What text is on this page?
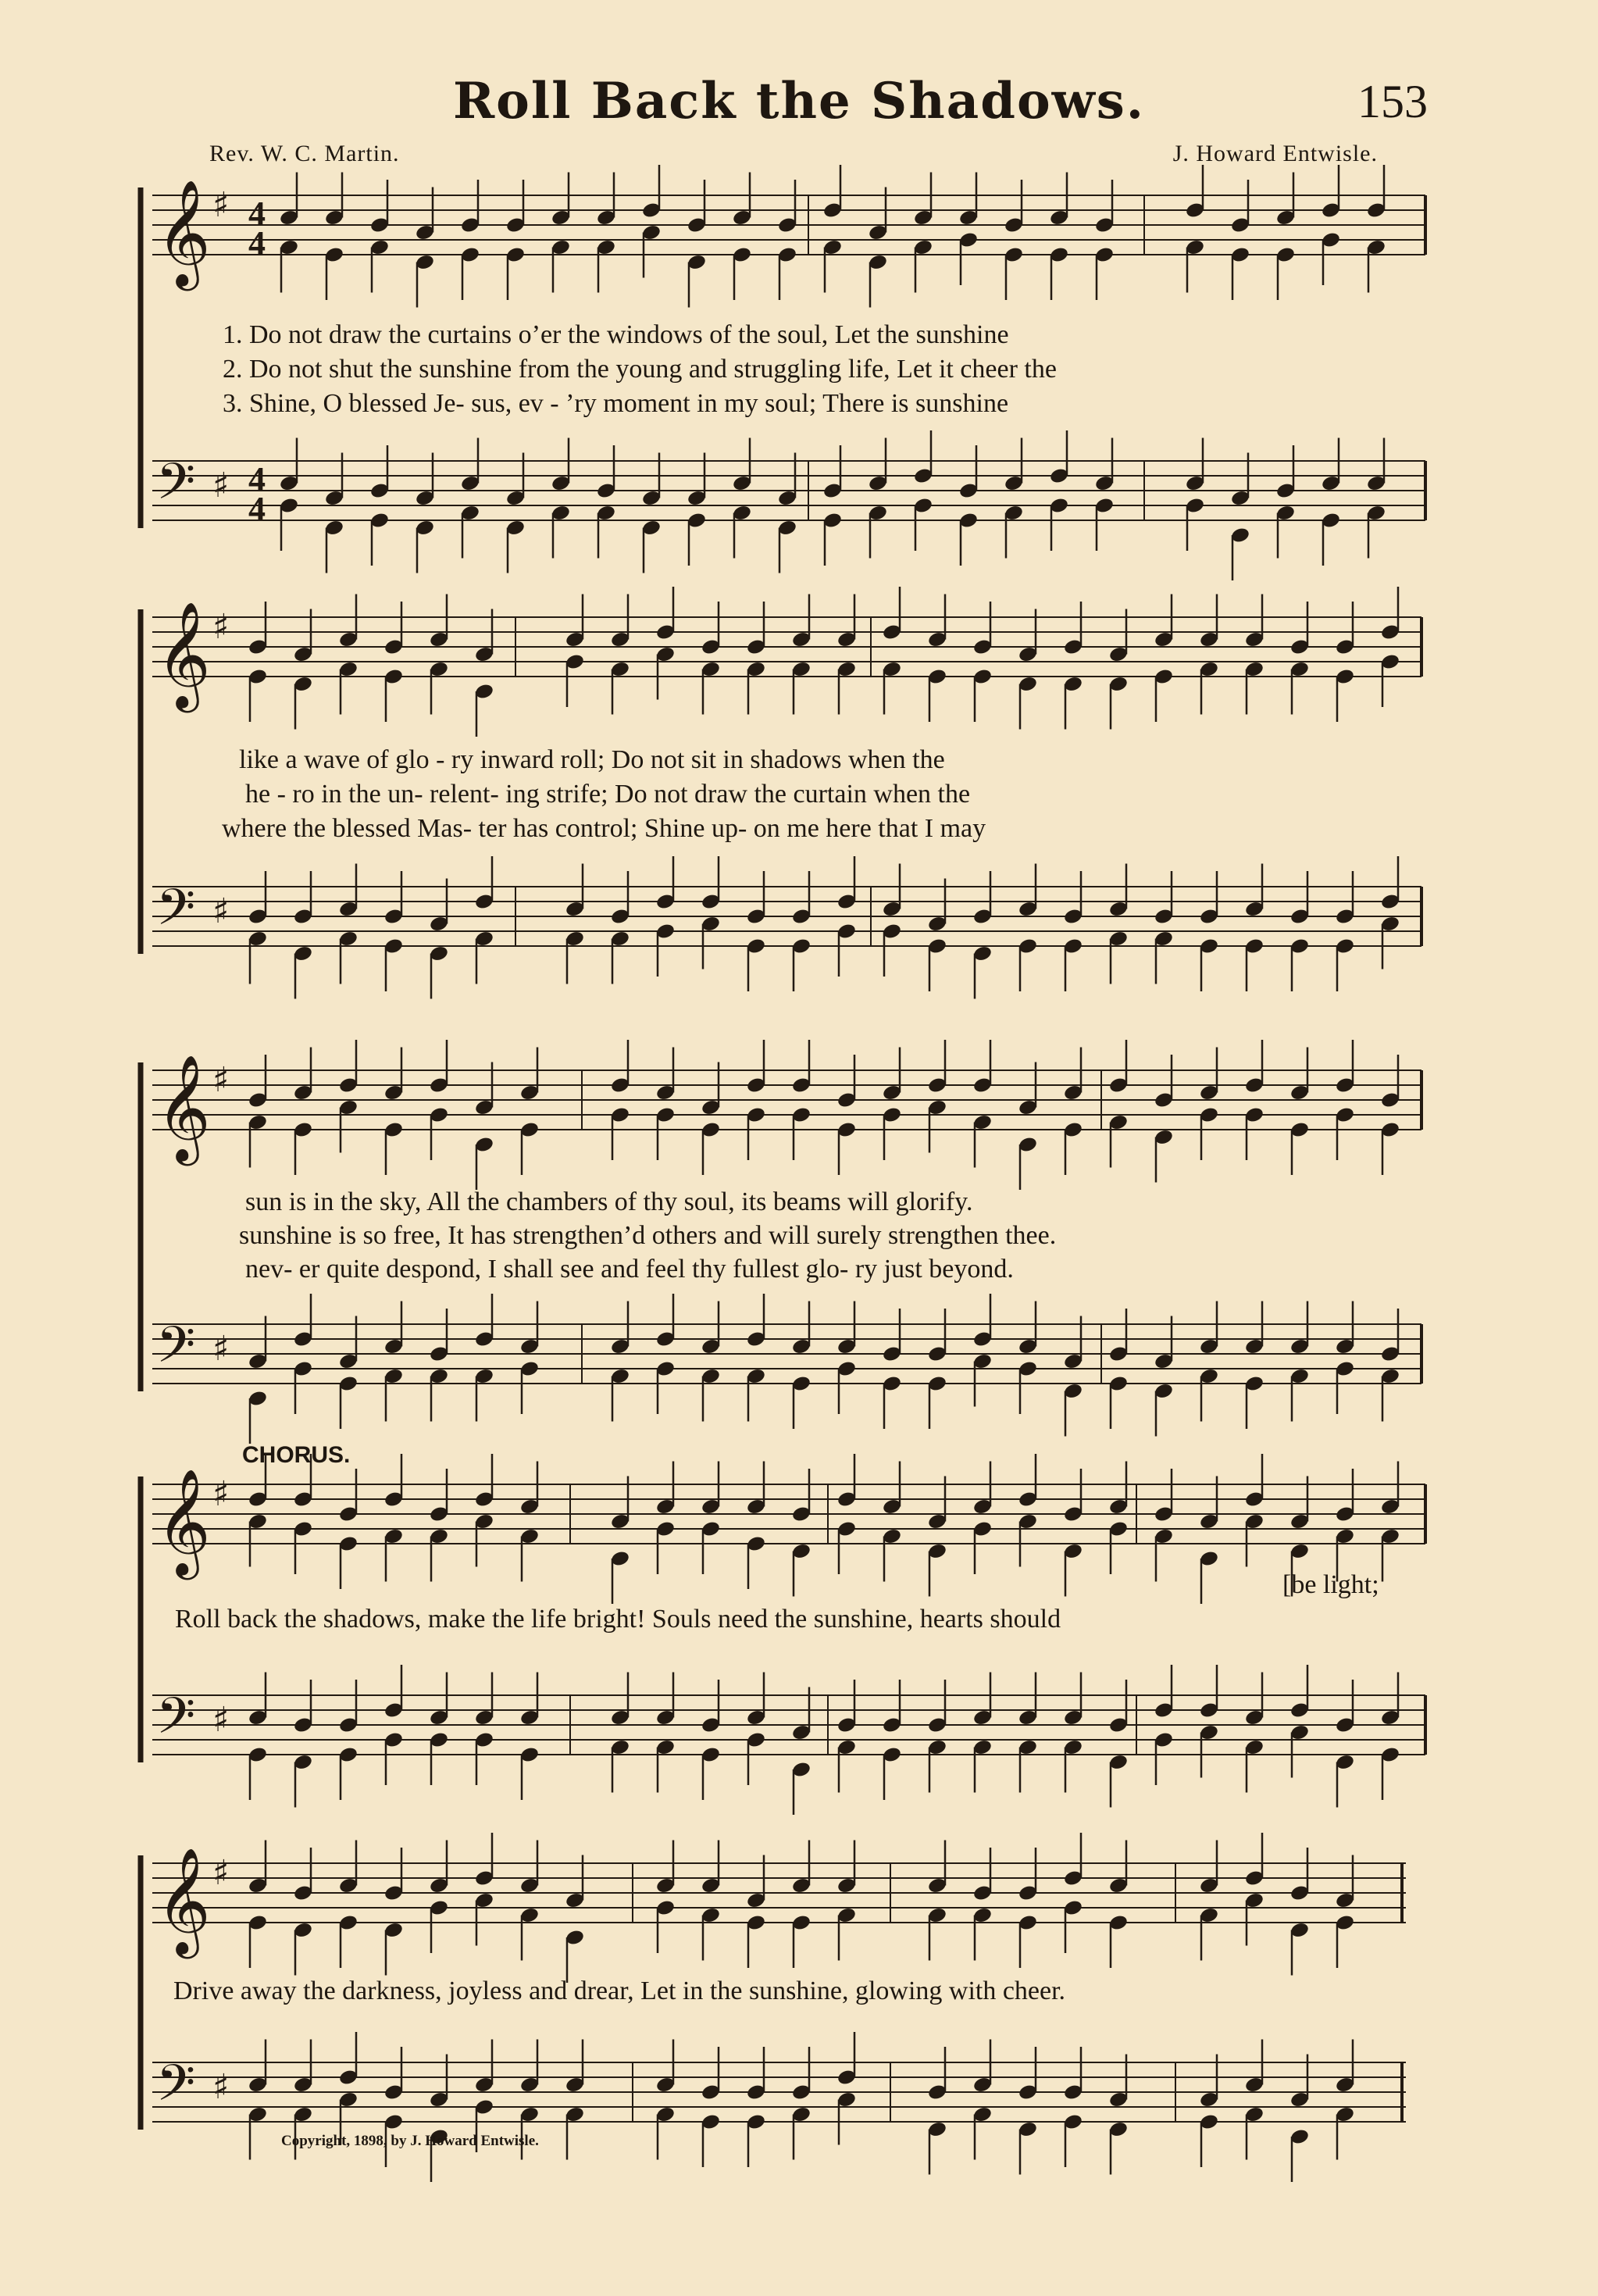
𝄞 ♯ 4
4
𝄢 ♯ 4
4
𝄞 ♯
𝄢 ♯
𝄞 ♯
𝄢 ♯
𝄞 ♯
𝄢 ♯
𝄞 ♯
𝄢 ♯
Roll Back the Shadows.	153
Rev. W. C. Martin.	J. Howard Entwisle.

1. Do not draw the curtains o’er the windows of the soul, Let the sunshine

2. Do not shut the sunshine from the young and struggling life, Let it cheer the

3. Shine, O blessed Je- sus, ev - ’ry moment in my soul; There is sunshine

like a wave of glo - ry inward roll; Do not sit in shadows when the

he - ro in the un- relent- ing strife; Do not draw the curtain when the

where the blessed Mas- ter has control; Shine up- on me here that I may

sun is in the sky, All the chambers of thy soul, its beams will glorify.

sunshine is so free, It has strengthen’d others and will surely strengthen thee.

nev- er quite despond, I shall see and feel thy fullest glo- ry just beyond.

CHORUS.

[be light;

Roll back the shadows, make the life bright! Souls need the sunshine, hearts should

Drive away the darkness, joyless and drear, Let in the sunshine, glowing with cheer.

Copyright, 1898, by J. Howard Entwisle.
